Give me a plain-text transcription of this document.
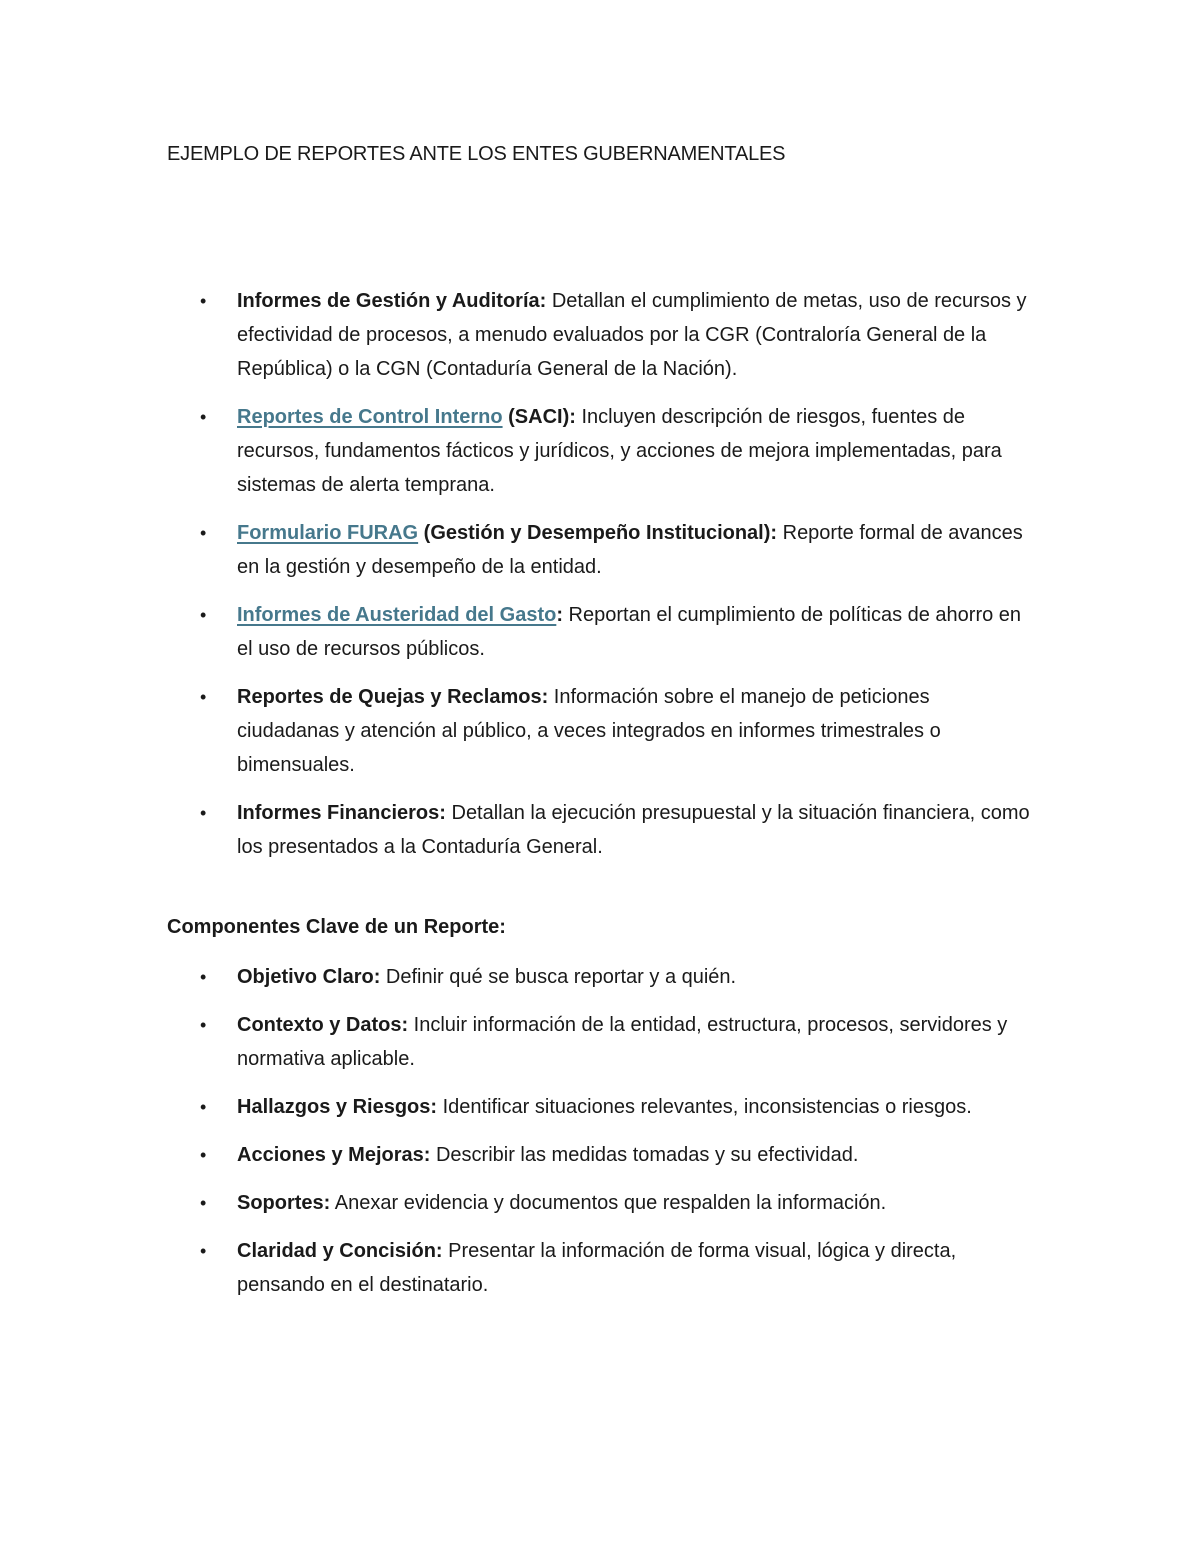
EJEMPLO DE REPORTES ANTE LOS ENTES GUBERNAMENTALES
• Informes de Gestión y Auditoría: Detallan el cumplimiento de metas, uso de recursos y efectividad de procesos, a menudo evaluados por la CGR (Contraloría General de la República) o la CGN (Contaduría General de la Nación).
• Reportes de Control Interno (SACI): Incluyen descripción de riesgos, fuentes de recursos, fundamentos fácticos y jurídicos, y acciones de mejora implementadas, para sistemas de alerta temprana.
• Formulario FURAG (Gestión y Desempeño Institucional): Reporte formal de avances en la gestión y desempeño de la entidad.
• Informes de Austeridad del Gasto: Reportan el cumplimiento de políticas de ahorro en el uso de recursos públicos.
• Reportes de Quejas y Reclamos: Información sobre el manejo de peticiones ciudadanas y atención al público, a veces integrados en informes trimestrales o bimensuales.
• Informes Financieros: Detallan la ejecución presupuestal y la situación financiera, como los presentados a la Contaduría General.
Componentes Clave de un Reporte:
• Objetivo Claro: Definir qué se busca reportar y a quién.
• Contexto y Datos: Incluir información de la entidad, estructura, procesos, servidores y normativa aplicable.
• Hallazgos y Riesgos: Identificar situaciones relevantes, inconsistencias o riesgos.
• Acciones y Mejoras: Describir las medidas tomadas y su efectividad.
• Soportes: Anexar evidencia y documentos que respalden la información.
• Claridad y Concisión: Presentar la información de forma visual, lógica y directa, pensando en el destinatario.
